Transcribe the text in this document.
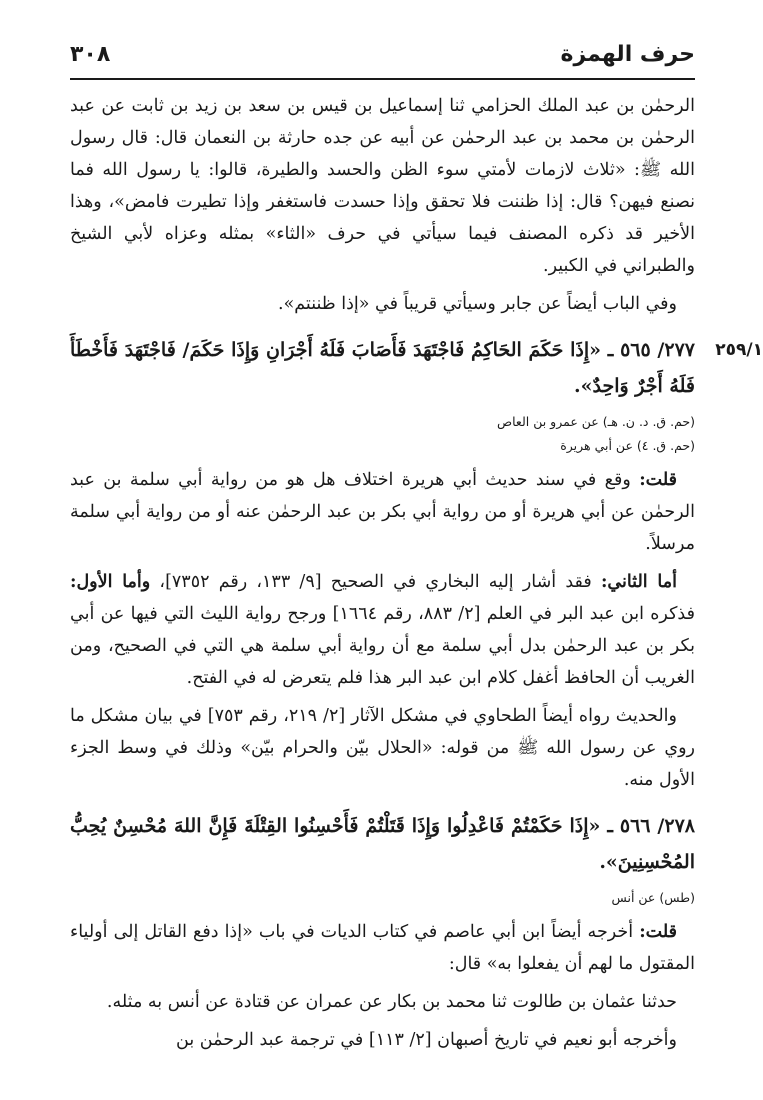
حرف الهمزة
٣٠٨

الرحمٰن بن عبد الملك الحزامي ثنا إسماعيل بن قيس بن سعد بن زيد بن ثابت عن عبد الرحمٰن بن محمد بن عبد الرحمٰن عن أبيه عن جده حارثة بن النعمان قال: قال رسول الله ﷺ: «ثلاث لازمات لأمتي سوء الظن والحسد والطيرة، قالوا: يا رسول الله فما نصنع فيهن؟ قال: إذا ظننت فلا تحقق وإذا حسدت فاستغفر وإذا تطيرت فامض»، وهذا الأخير قد ذكره المصنف فيما سيأتي في حرف «الثاء» بمثله وعزاه لأبي الشيخ والطبراني في الكبير.

وفي الباب أيضاً عن جابر وسيأتي قريباً في «إذا ظننتم».

٢٥٩/١
٢٧٧/ ٥٦٥ ـ «إِذَا حَكَمَ الحَاكِمُ فَاجْتَهَدَ فَأَصَابَ فَلَهُ أَجْرَانِ وَإِذَا حَكَمَ/ فَاجْتَهَدَ فَأَخْطَأَ فَلَهُ أَجْرٌ وَاحِدٌ».

(حم. ق. د. ن. هـ) عن عمرو بن العاص

(حم. ق. ٤) عن أبي هريرة

قلت: وقع في سند حديث أبي هريرة اختلاف هل هو من رواية أبي سلمة بن عبد الرحمٰن عن أبي هريرة أو من رواية أبي بكر بن عبد الرحمٰن عنه أو من رواية أبي سلمة مرسلاً.

أما الثاني: فقد أشار إليه البخاري في الصحيح [٩/ ١٣٣، رقم ٧٣٥٢]، وأما الأول: فذكره ابن عبد البر في العلم [٢/ ٨٨٣، رقم ١٦٦٤] ورجح رواية الليث التي فيها عن أبي بكر بن عبد الرحمٰن بدل أبي سلمة مع أن رواية أبي سلمة هي التي في الصحيح، ومن الغريب أن الحافظ أغفل كلام ابن عبد البر هذا فلم يتعرض له في الفتح.

والحديث رواه أيضاً الطحاوي في مشكل الآثار [٢/ ٢١٩، رقم ٧٥٣] في بيان مشكل ما روي عن رسول الله ﷺ من قوله: «الحلال بيّن والحرام بيّن» وذلك في وسط الجزء الأول منه.

٢٧٨/ ٥٦٦ ـ «إِذَا حَكَمْتُمْ فَاعْدِلُوا وَإِذَا قَتَلْتُمْ فَأَحْسِنُوا القِتْلَةَ فَإِنَّ اللهَ مُحْسِنٌ يُحِبُّ المُحْسِنِينَ».

(طس) عن أنس

قلت: أخرجه أيضاً ابن أبي عاصم في كتاب الديات في باب «إذا دفع القاتل إلى أولياء المقتول ما لهم أن يفعلوا به» قال:

حدثنا عثمان بن طالوت ثنا محمد بن بكار عن عمران عن قتادة عن أنس به مثله.

وأخرجه أبو نعيم في تاريخ أصبهان [٢/ ١١٣] في ترجمة عبد الرحمٰن بن
